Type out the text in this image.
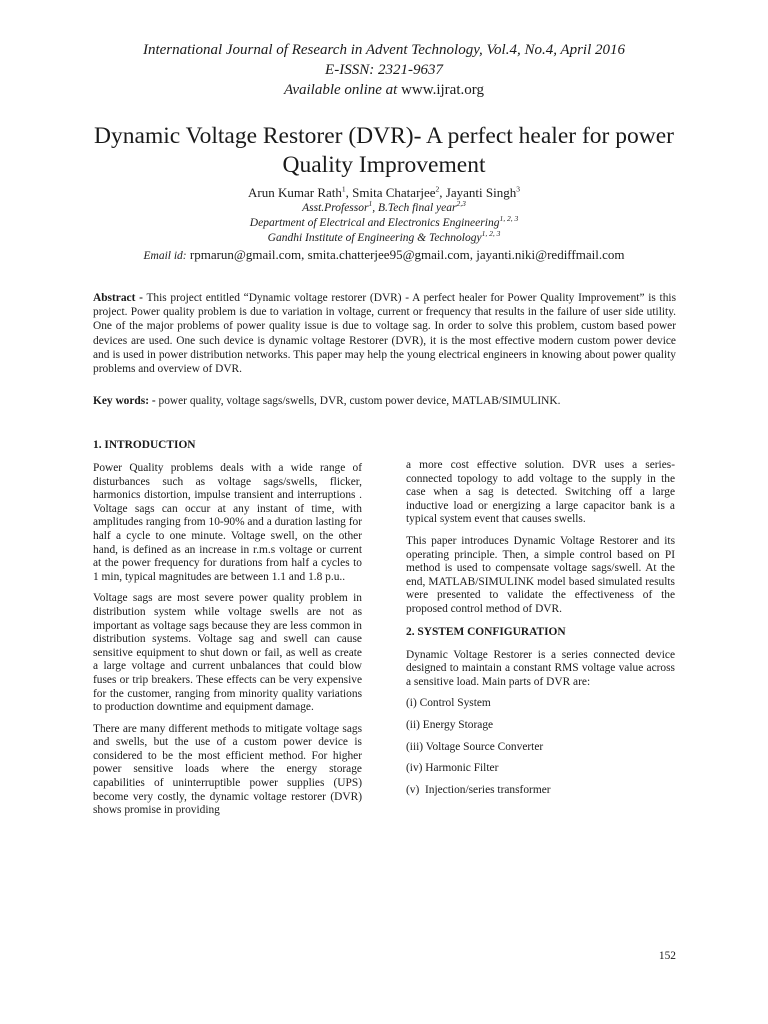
International Journal of Research in Advent Technology, Vol.4, No.4, April 2016
E-ISSN: 2321-9637
Available online at www.ijrat.org
Dynamic Voltage Restorer (DVR)- A perfect healer for power Quality Improvement
Arun Kumar Rath$^1$, Smita Chatarjee$^2$, Jayanti Singh$^3$
Asst.Professor$^1$, B.Tech final year$^{2,3}$
Department of Electrical and Electronics Engineering$^{1, 2, 3}$
Gandhi Institute of Engineering & Technology$^{1, 2, 3}$
Email id: rpmarun@gmail.com, smita.chatterjee95@gmail.com, jayanti.niki@rediffmail.com

Abstract - This project entitled “Dynamic voltage restorer (DVR) - A perfect healer for Power Quality Improvement” is this project. Power quality problem is due to variation in voltage, current or frequency that results in the failure of user side utility. One of the major problems of power quality issue is due to voltage sag. In order to solve this problem, custom based power devices are used. One such device is dynamic voltage Restorer (DVR), it is the most effective modern custom power device and is used in power distribution networks. This paper may help the young electrical engineers in knowing about power quality problems and overview of DVR.

Key words: - power quality, voltage sags/swells, DVR, custom power device, MATLAB/SIMULINK.

1. INTRODUCTION

Power Quality problems deals with a wide range of disturbances such as voltage sags/swells, flicker, harmonics distortion, impulse transient and interruptions . Voltage sags can occur at any instant of time, with amplitudes ranging from 10-90% and a duration lasting for half a cycle to one minute. Voltage swell, on the other hand, is defined as an increase in r.m.s voltage or current at the power frequency for durations from half a cycles to 1 min, typical magnitudes are between 1.1 and 1.8 p.u..

Voltage sags are most severe power quality problem in distribution system while voltage swells are not as important as voltage sags because they are less common in distribution systems. Voltage sag and swell can cause sensitive equipment to shut down or fail, as well as create a large voltage and current unbalances that could blow fuses or trip breakers. These effects can be very expensive for the customer, ranging from minority quality variations to production downtime and equipment damage.

There are many different methods to mitigate voltage sags and swells, but the use of a custom power device is considered to be the most efficient method. For higher power sensitive loads where the energy storage capabilities of uninterruptible power supplies (UPS) become very costly, the dynamic voltage restorer (DVR) shows promise in providing

a more cost effective solution. DVR uses a series-connected topology to add voltage to the supply in the case when a sag is detected. Switching off a large inductive load or energizing a large capacitor bank is a typical system event that causes swells.

This paper introduces Dynamic Voltage Restorer and its operating principle. Then, a simple control based on PI method is used to compensate voltage sags/swell. At the end, MATLAB/SIMULINK model based simulated results were presented to validate the effectiveness of the proposed control method of DVR.

2. SYSTEM CONFIGURATION

Dynamic Voltage Restorer is a series connected device designed to maintain a constant RMS voltage value across a sensitive load. Main parts of DVR are:

(i) Control System
(ii) Energy Storage
(iii) Voltage Source Converter
(iv) Harmonic Filter
(v)  Injection/series transformer
152
